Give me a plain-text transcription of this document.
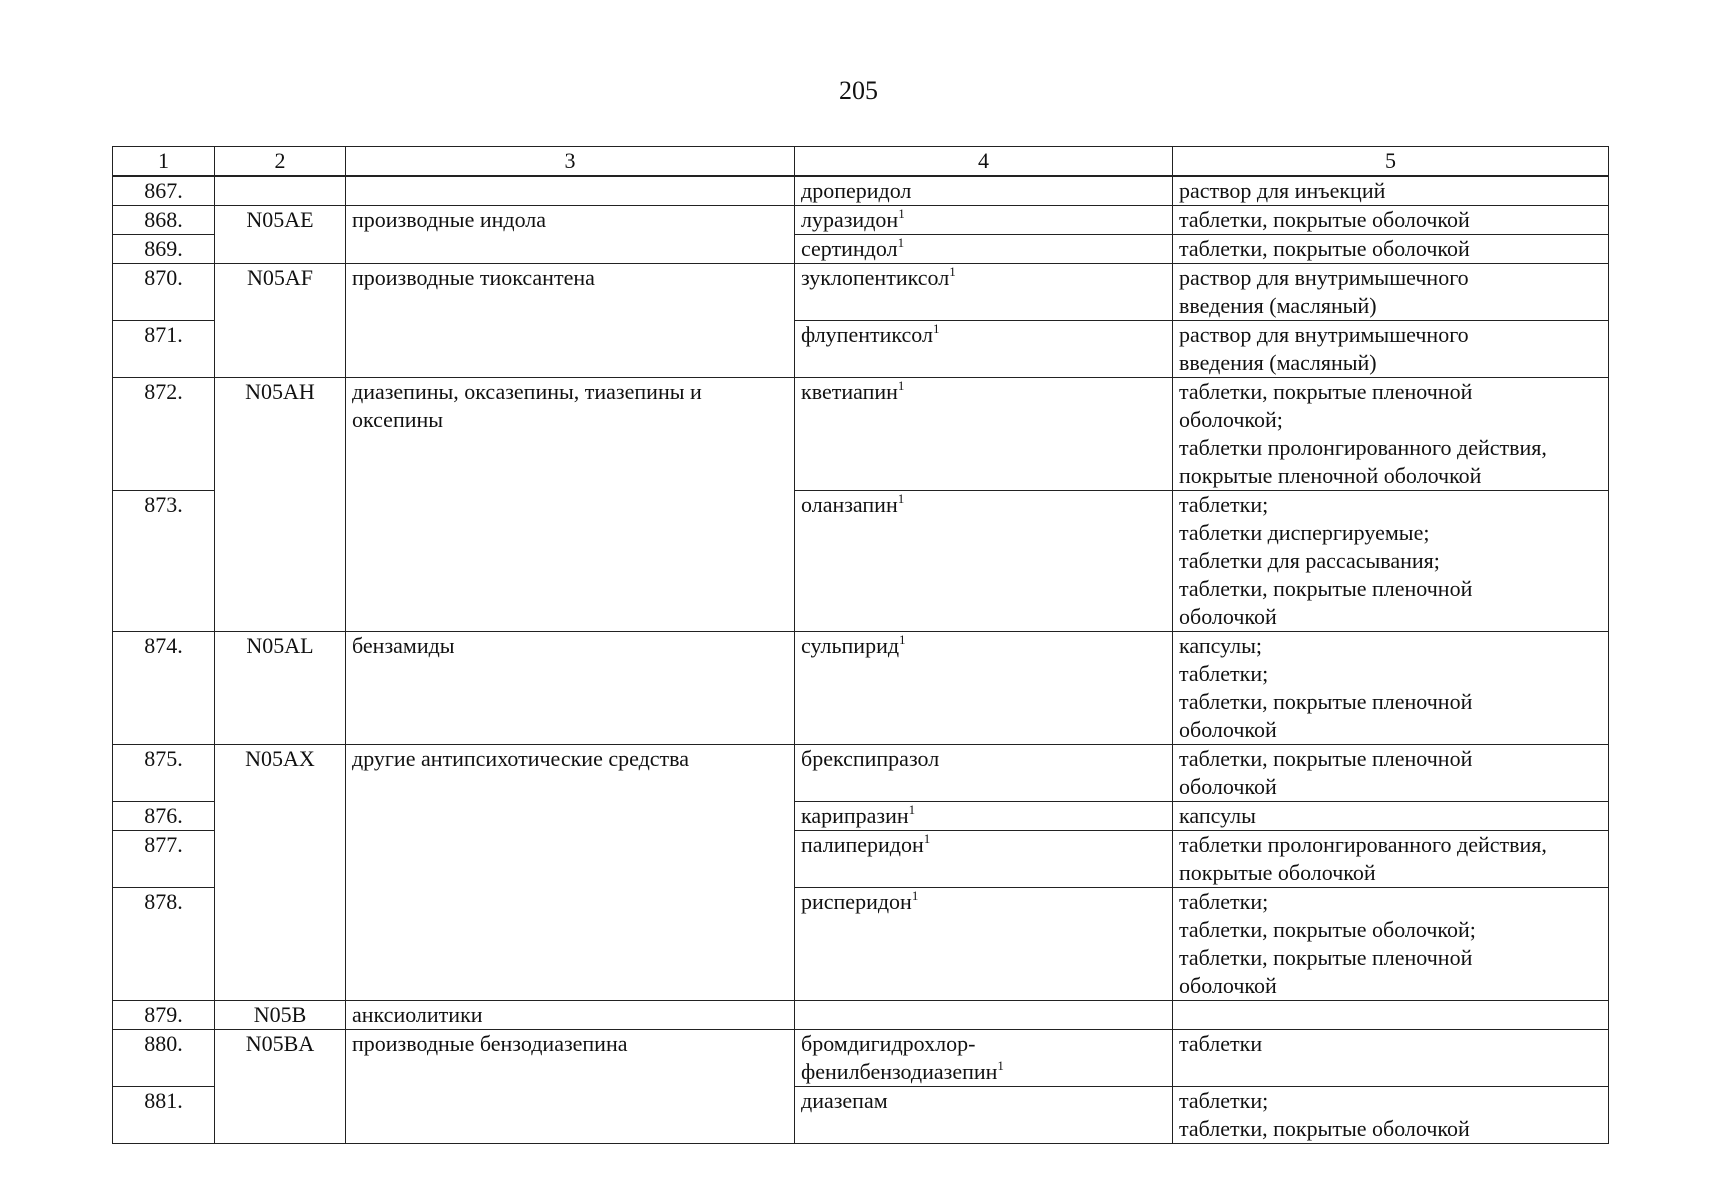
205
1	2	3	4	5
867.			дроперидол	раствор для инъекций
868.	N05AE	производные индола	луразидон$^1$	таблетки, покрытые оболочкой
869.			сертиндол$^1$	таблетки, покрытые оболочкой
870.	N05AF	производные тиоксантена	зуклопентиксол$^1$	раствор для внутримышечного
введения (масляный)
871.			флупентиксол$^1$	раствор для внутримышечного
введения (масляный)
872.	N05AH	диазепины, оксазепины, тиазепины и оксепины	кветиапин$^1$	таблетки, покрытые пленочной
оболочкой;
таблетки пролонгированного действия,
покрытые пленочной оболочкой
873.			оланзапин$^1$	таблетки;
таблетки диспергируемые;
таблетки для рассасывания;
таблетки, покрытые пленочной
оболочкой
874.	N05AL	бензамиды	сульпирид$^1$	капсулы;
таблетки;
таблетки, покрытые пленочной
оболочкой
875.	N05AX	другие антипсихотические средства	брекспипразол	таблетки, покрытые пленочной
оболочкой
876.			карипразин$^1$	капсулы
877.			палиперидон$^1$	таблетки пролонгированного действия,
покрытые оболочкой
878.			рисперидон$^1$	таблетки;
таблетки, покрытые оболочкой;
таблетки, покрытые пленочной
оболочкой
879.	N05B	анксиолитики		
880.	N05BA	производные бензодиазепина	бромдигидрохлор-
фенилбензодиазепин$^1$	таблетки
881.			диазепам	таблетки;
таблетки, покрытые оболочкой
